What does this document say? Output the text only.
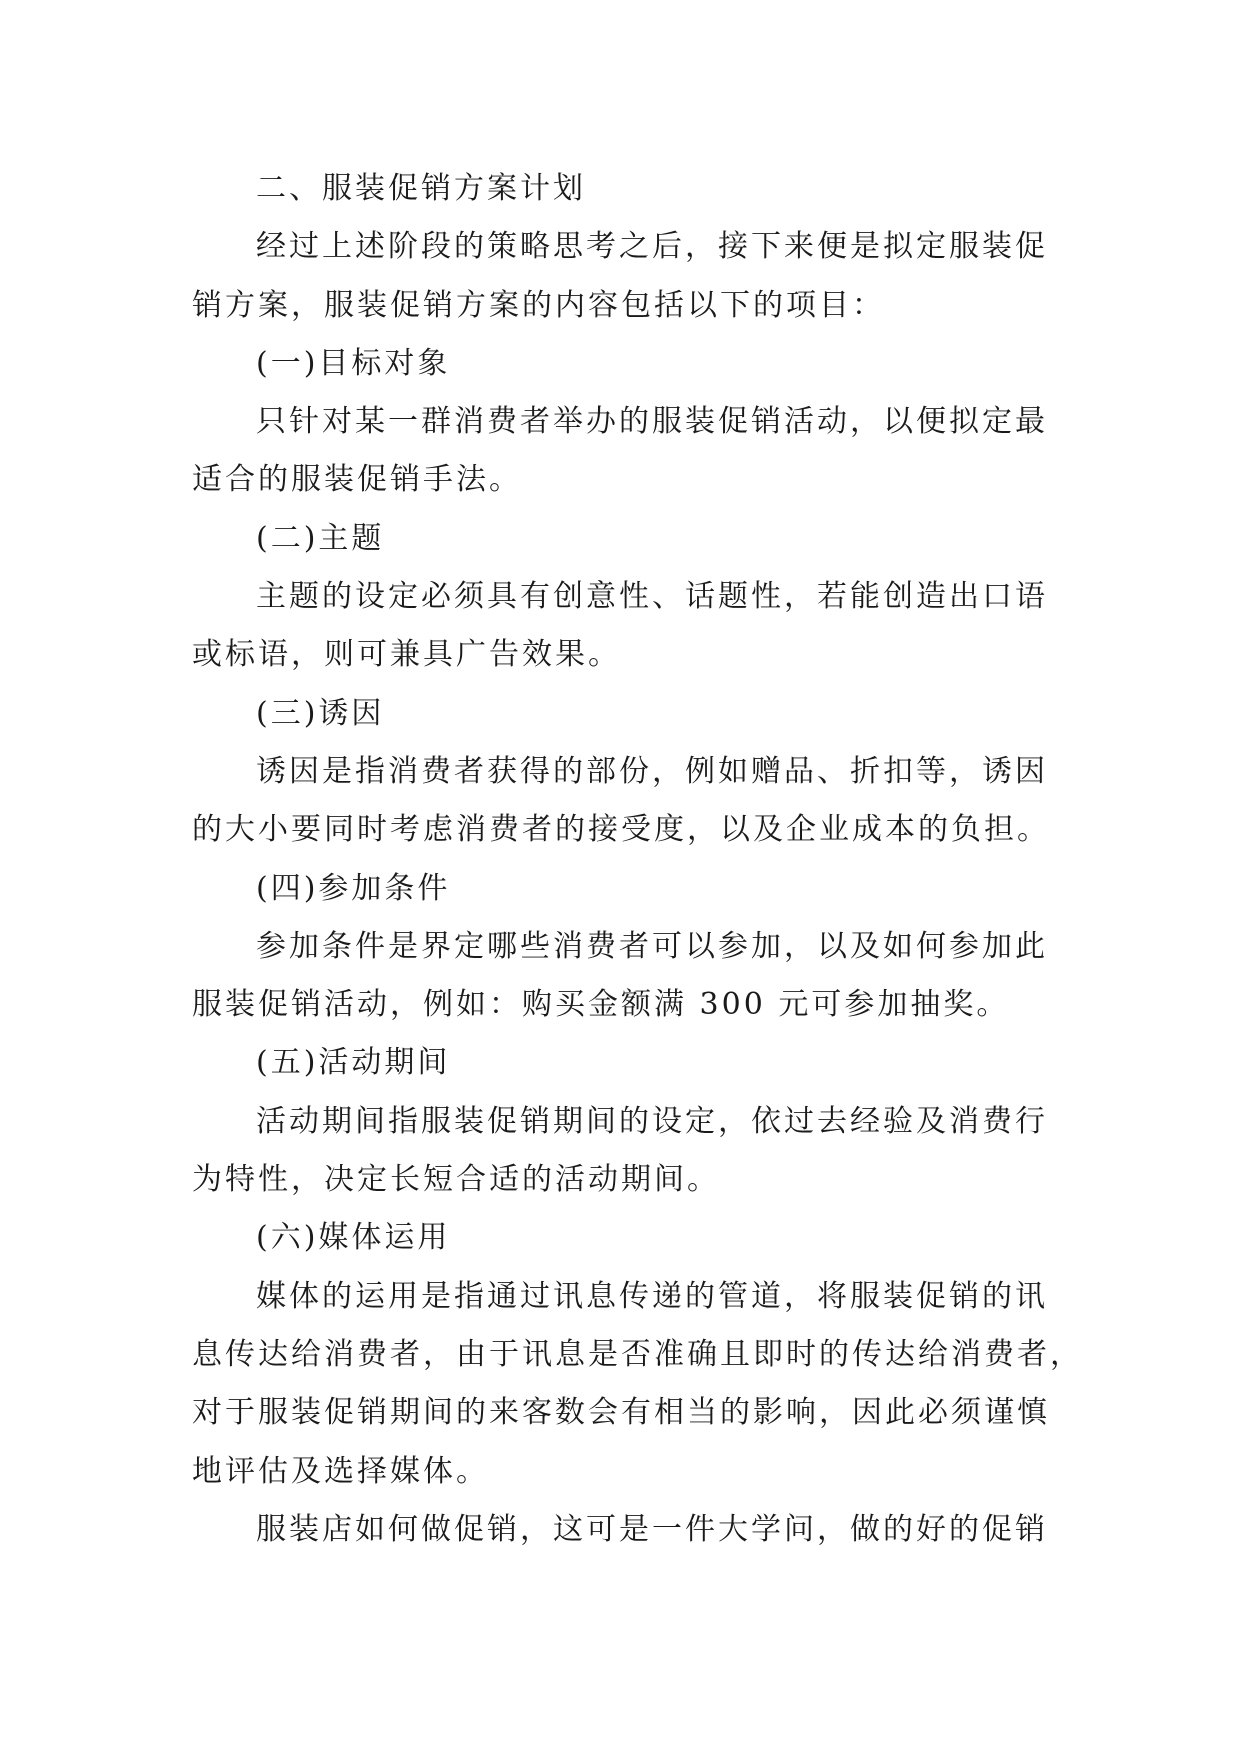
二、服装促销方案计划
经过上述阶段的策略思考之后，接下来便是拟定服装促
销方案，服装促销方案的内容包括以下的项目：
(一)目标对象
只针对某一群消费者举办的服装促销活动，以便拟定最
适合的服装促销手法。
(二)主题
主题的设定必须具有创意性、话题性，若能创造出口语
或标语，则可兼具广告效果。
(三)诱因
诱因是指消费者获得的部份，例如赠品、折扣等，诱因
的大小要同时考虑消费者的接受度，以及企业成本的负担。
(四)参加条件
参加条件是界定哪些消费者可以参加，以及如何参加此
服装促销活动，例如：购买金额满 300 元可参加抽奖。
(五)活动期间
活动期间指服装促销期间的设定，依过去经验及消费行
为特性，决定长短合适的活动期间。
(六)媒体运用
媒体的运用是指通过讯息传递的管道，将服装促销的讯
息传达给消费者，由于讯息是否准确且即时的传达给消费者，
对于服装促销期间的来客数会有相当的影响，因此必须谨慎
地评估及选择媒体。
服装店如何做促销，这可是一件大学问，做的好的促销
